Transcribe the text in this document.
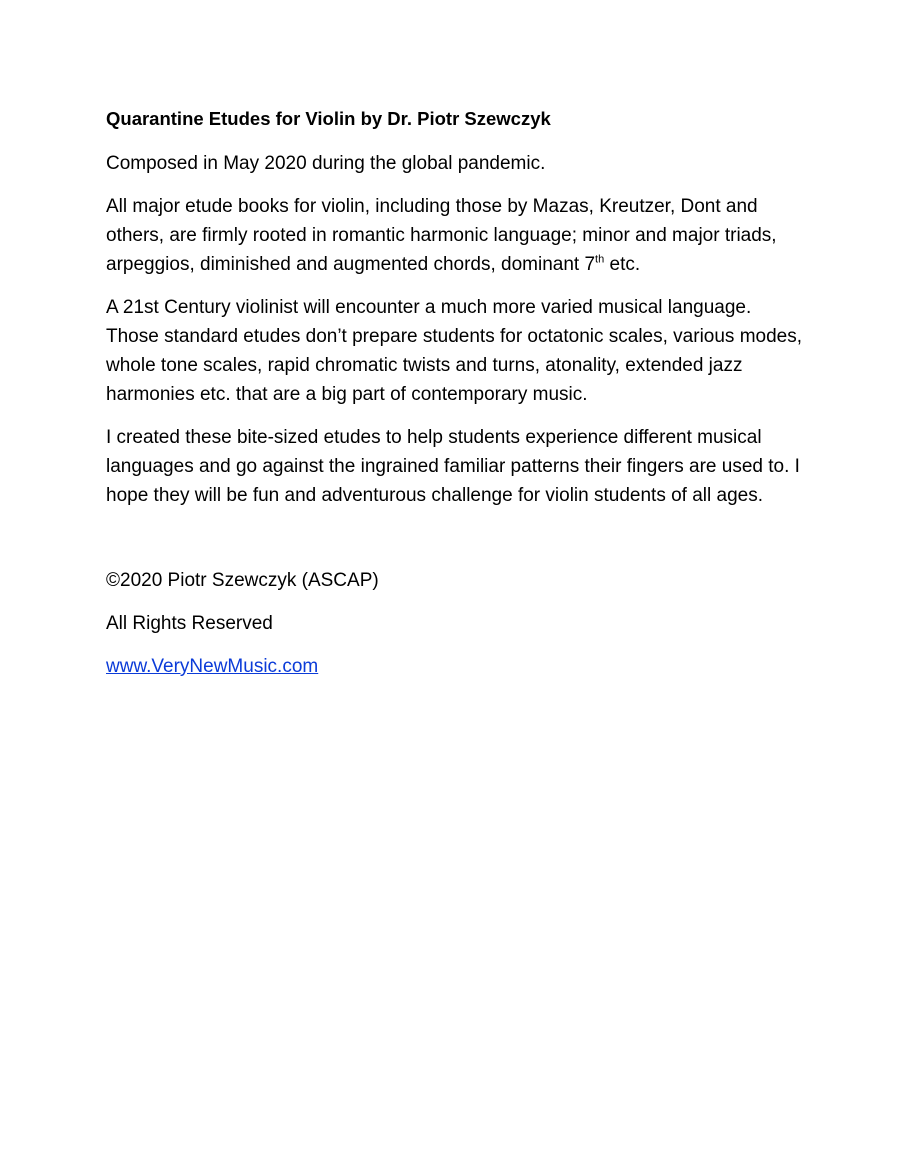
Quarantine Etudes for Violin by Dr. Piotr Szewczyk

Composed in May 2020 during the global pandemic.

All major etude books for violin, including those by Mazas, Kreutzer, Dont and others, are firmly rooted in romantic harmonic language; minor and major triads, arpeggios, diminished and augmented chords, dominant 7th etc.

A 21st Century violinist will encounter a much more varied musical language. Those standard etudes don’t prepare students for octatonic scales, various modes, whole tone scales, rapid chromatic twists and turns, atonality, extended jazz harmonies etc. that are a big part of contemporary music.

I created these bite-sized etudes to help students experience different musical languages and go against the ingrained familiar patterns their fingers are used to. I hope they will be fun and adventurous challenge for violin students of all ages.

©2020 Piotr Szewczyk (ASCAP)

All Rights Reserved

www.VeryNewMusic.com
